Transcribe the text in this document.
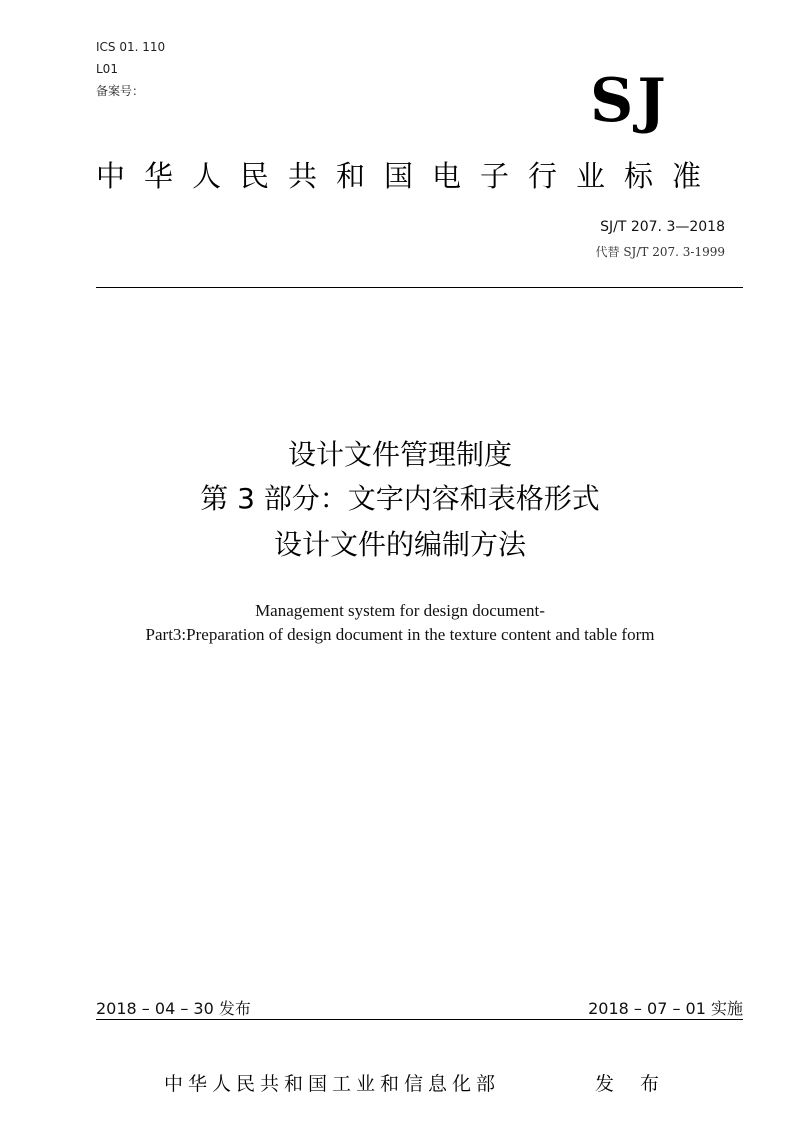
ICS 01. 110
L01
备案号：	SJ
中华人民共和国电子行业标准
SJ/T 207. 3—2018
代替 SJ/T 207. 3-1999
设计文件管理制度
第 3 部分：文字内容和表格形式
设计文件的编制方法
Management system for design document-
Part3:Preparation of design document in the texture content and table form
2018 – 04 – 30 发布	2018 – 07 – 01 实施
中华人民共和国工业和信息化部	发 布
